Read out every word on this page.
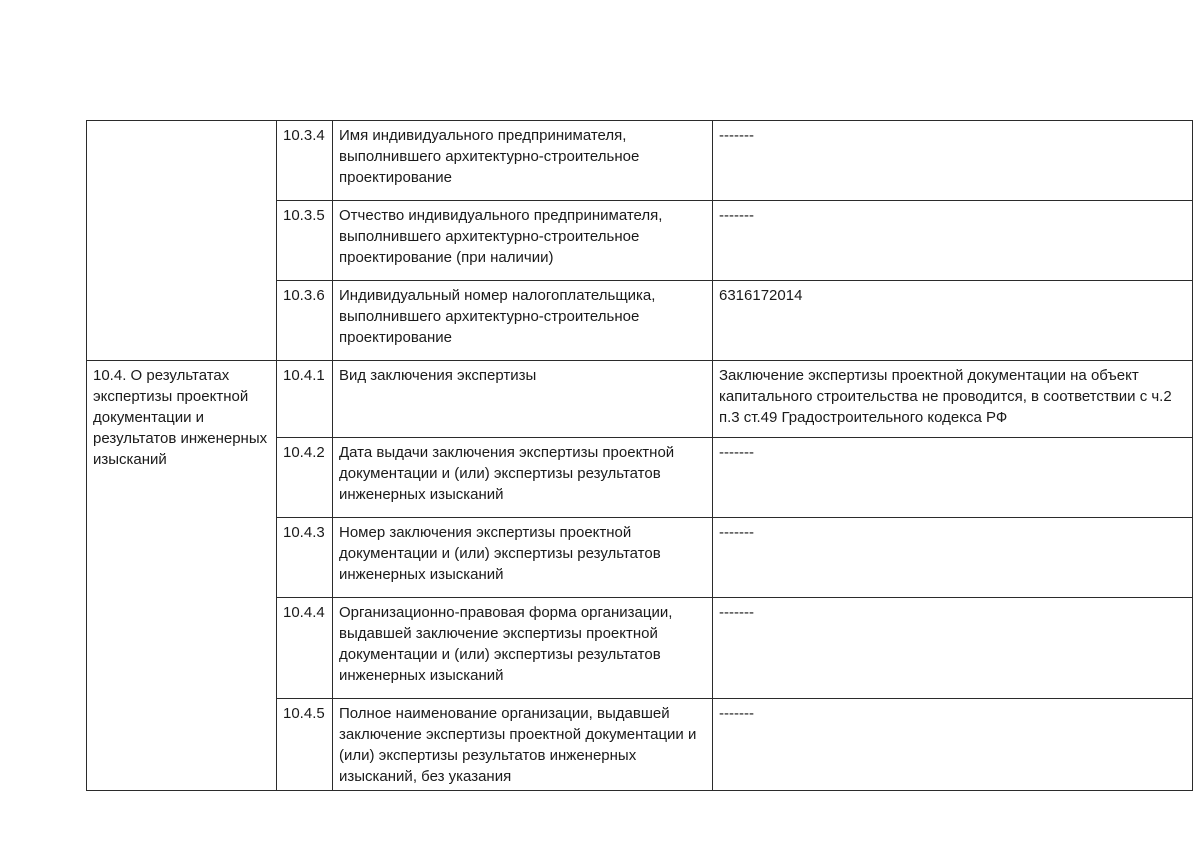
	10.3.4	Имя индивидуального предпринимателя, выполнившего архитектурно-строительное проектирование	-------
	10.3.5	Отчество индивидуального предпринимателя, выполнившего архитектурно-строительное проектирование (при наличии)	-------
	10.3.6	Индивидуальный номер налогоплательщика, выполнившего архитектурно-строительное проектирование	6316172014
10.4. О результатах экспертизы проектной документации и результатов инженерных изысканий	10.4.1	Вид заключения экспертизы	Заключение экспертизы проектной документации на объект капитального строительства не проводится, в соответствии с ч.2 п.3 ст.49 Градостроительного кодекса РФ
	10.4.2	Дата выдачи заключения экспертизы проектной документации и (или) экспертизы результатов инженерных изысканий	-------
	10.4.3	Номер заключения экспертизы проектной документации и (или) экспертизы результатов инженерных изысканий	-------
	10.4.4	Организационно-правовая форма организации, выдавшей заключение экспертизы проектной документации и (или) экспертизы результатов инженерных изысканий	-------
	10.4.5	Полное наименование организации, выдавшей заключение экспертизы проектной документации и (или) экспертизы результатов инженерных изысканий, без указания	-------
